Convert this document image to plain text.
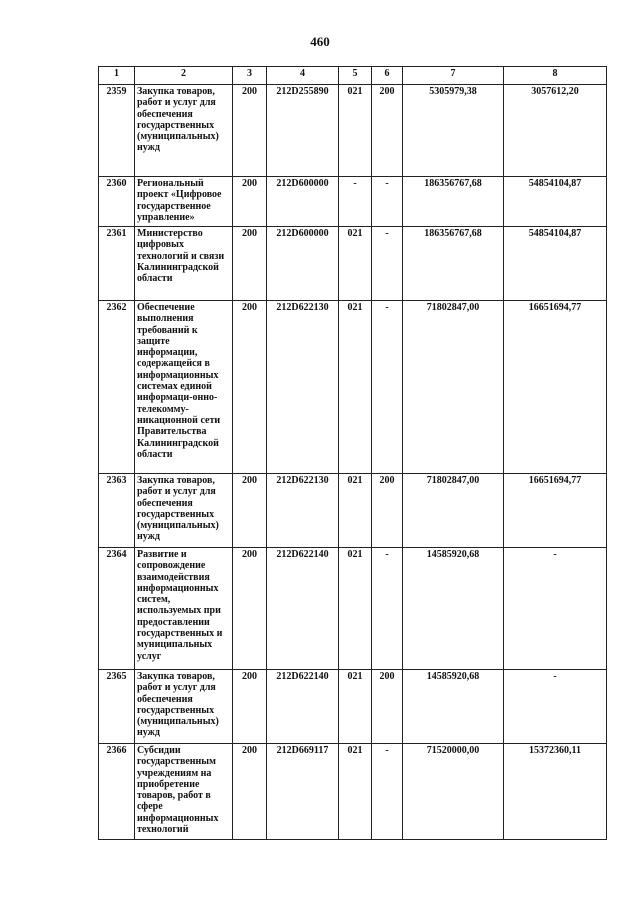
460
1	2	3	4	5	6	7	8
2359	Закупка товаров, работ и услуг для обеспечения государственных (муниципальных) нужд	200	212D255890	021	200	5305979,38	3057612,20
2360	Региональный проект «Цифровое государственное управление»	200	212D600000	-	-	186356767,68	54854104,87
2361	Министерство цифровых технологий и связи Калининградской области	200	212D600000	021	-	186356767,68	54854104,87
2362	Обеспечение выполнения требований к защите информации, содержащейся в информационных системах единой информаци-онно-телекомму-никационной сети Правительства Калининградской области	200	212D622130	021	-	71802847,00	16651694,77
2363	Закупка товаров, работ и услуг для обеспечения государственных (муниципальных) нужд	200	212D622130	021	200	71802847,00	16651694,77
2364	Развитие и сопровождение взаимодействия информационных систем, используемых при предоставлении государственных и муниципальных услуг	200	212D622140	021	-	14585920,68	-
2365	Закупка товаров, работ и услуг для обеспечения государственных (муниципальных) нужд	200	212D622140	021	200	14585920,68	-
2366	Субсидии государственным учреждениям на приобретение товаров, работ в сфере информационных технологий	200	212D669117	021	-	71520000,00	15372360,11
